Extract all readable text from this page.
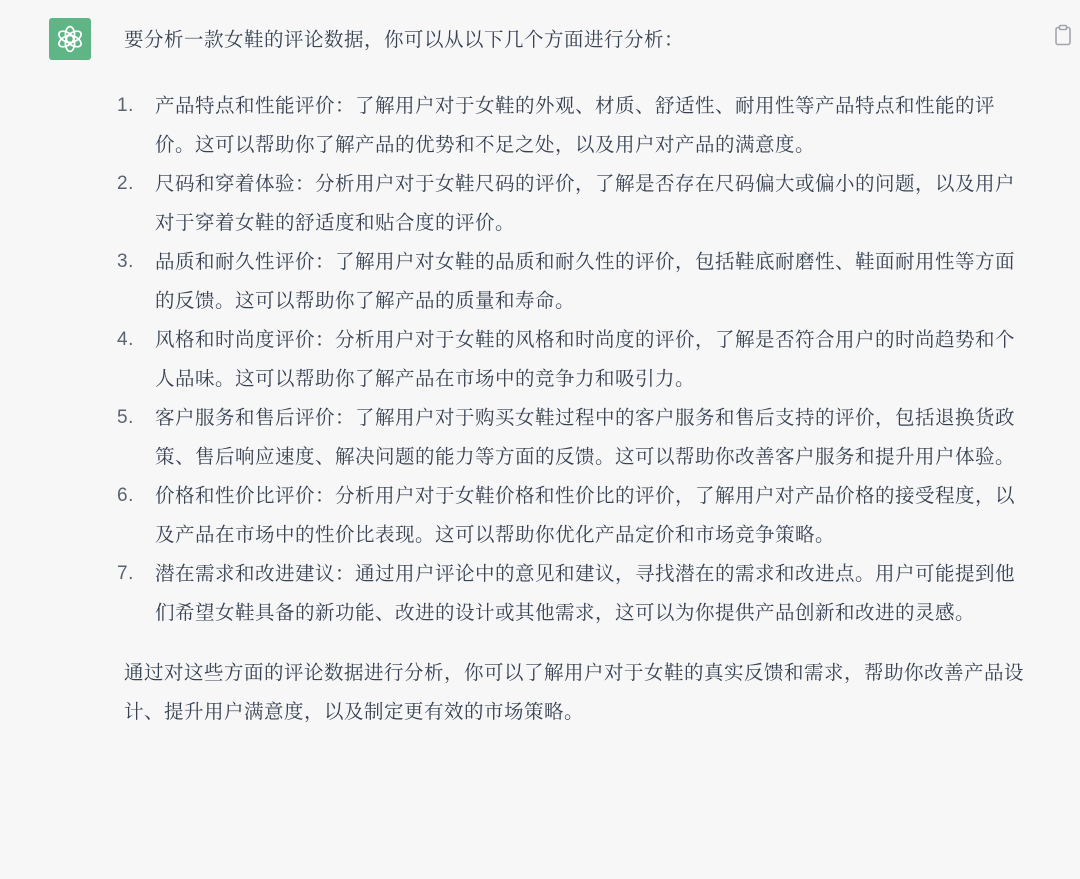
要分析一款女鞋的评论数据，你可以从以下几个方面进行分析：

1.	产品特点和性能评价：了解用户对于女鞋的外观、材质、舒适性、耐用性等产品特点和性能的评价。这可以帮助你了解产品的优势和不足之处，以及用户对产品的满意度。
2.	尺码和穿着体验：分析用户对于女鞋尺码的评价，了解是否存在尺码偏大或偏小的问题，以及用户对于穿着女鞋的舒适度和贴合度的评价。
3.	品质和耐久性评价：了解用户对女鞋的品质和耐久性的评价，包括鞋底耐磨性、鞋面耐用性等方面的反馈。这可以帮助你了解产品的质量和寿命。
4.	风格和时尚度评价：分析用户对于女鞋的风格和时尚度的评价，了解是否符合用户的时尚趋势和个人品味。这可以帮助你了解产品在市场中的竞争力和吸引力。
5.	客户服务和售后评价：了解用户对于购买女鞋过程中的客户服务和售后支持的评价，包括退换货政策、售后响应速度、解决问题的能力等方面的反馈。这可以帮助你改善客户服务和提升用户体验。
6.	价格和性价比评价：分析用户对于女鞋价格和性价比的评价，了解用户对产品价格的接受程度，以及产品在市场中的性价比表现。这可以帮助你优化产品定价和市场竞争策略。
7.	潜在需求和改进建议：通过用户评论中的意见和建议，寻找潜在的需求和改进点。用户可能提到他们希望女鞋具备的新功能、改进的设计或其他需求，这可以为你提供产品创新和改进的灵感。

通过对这些方面的评论数据进行分析，你可以了解用户对于女鞋的真实反馈和需求，帮助你改善产品设计、提升用户满意度，以及制定更有效的市场策略。
